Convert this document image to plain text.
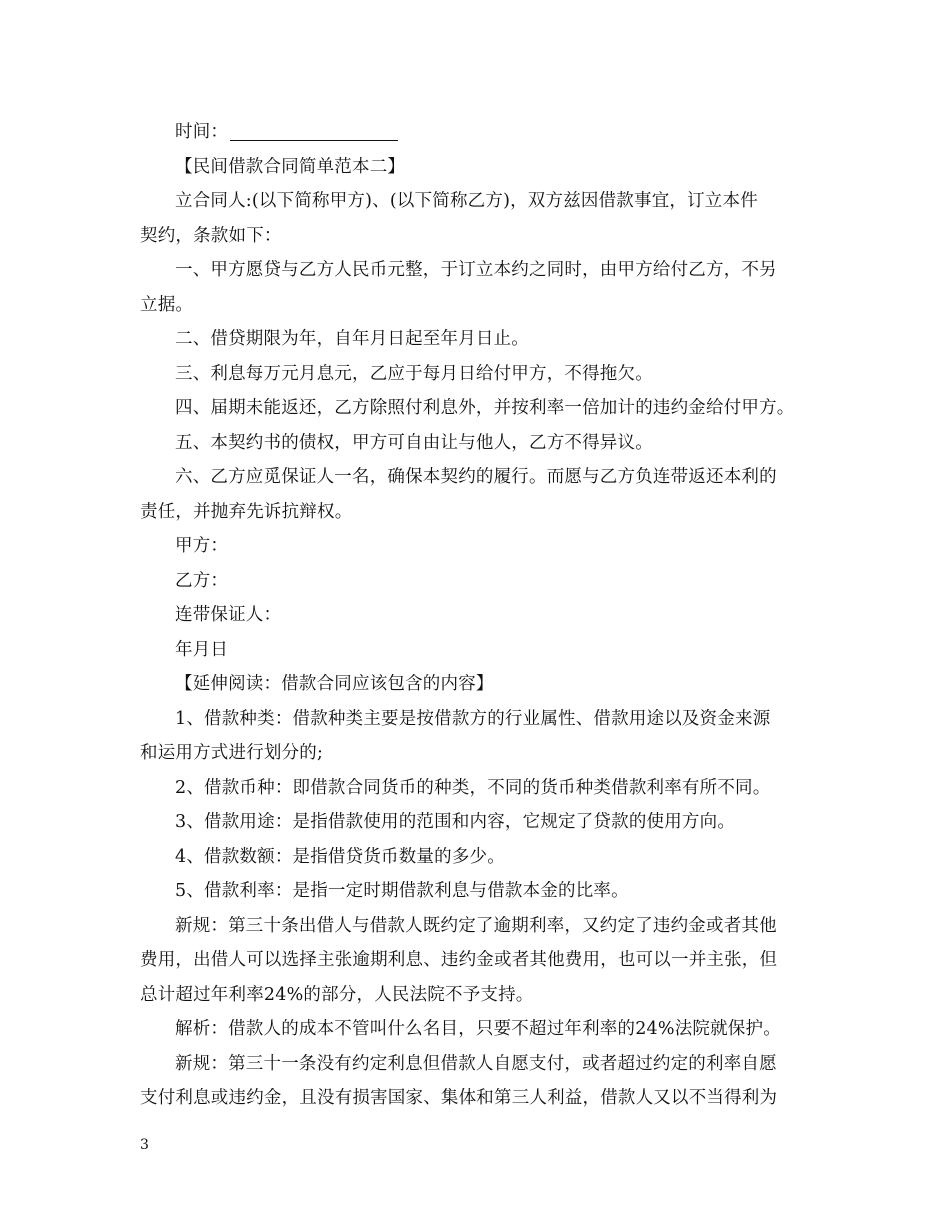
时间：
【民间借款合同简单范本二】
立合同人:(以下简称甲方)、(以下简称乙方)，双方兹因借款事宜，订立本件
契约，条款如下：
一、甲方愿贷与乙方人民币元整，于订立本约之同时，由甲方给付乙方，不另
立据。
二、借贷期限为年，自年月日起至年月日止。
三、利息每万元月息元，乙应于每月日给付甲方，不得拖欠。
四、届期未能返还，乙方除照付利息外，并按利率一倍加计的违约金给付甲方。
五、本契约书的债权，甲方可自由让与他人，乙方不得异议。
六、乙方应觅保证人一名，确保本契约的履行。而愿与乙方负连带返还本利的
责任，并抛弃先诉抗辩权。
甲方：
乙方：
连带保证人：
年月日
【延伸阅读：借款合同应该包含的内容】
1、借款种类：借款种类主要是按借款方的行业属性、借款用途以及资金来源
和运用方式进行划分的;
2、借款币种：即借款合同货币的种类，不同的货币种类借款利率有所不同。
3、借款用途：是指借款使用的范围和内容，它规定了贷款的使用方向。
4、借款数额：是指借贷货币数量的多少。
5、借款利率：是指一定时期借款利息与借款本金的比率。
新规：第三十条出借人与借款人既约定了逾期利率，又约定了违约金或者其他
费用，出借人可以选择主张逾期利息、违约金或者其他费用，也可以一并主张，但
总计超过年利率24%的部分，人民法院不予支持。
解析：借款人的成本不管叫什么名目，只要不超过年利率的24%法院就保护。
新规：第三十一条没有约定利息但借款人自愿支付，或者超过约定的利率自愿
支付利息或违约金，且没有损害国家、集体和第三人利益，借款人又以不当得利为
3
